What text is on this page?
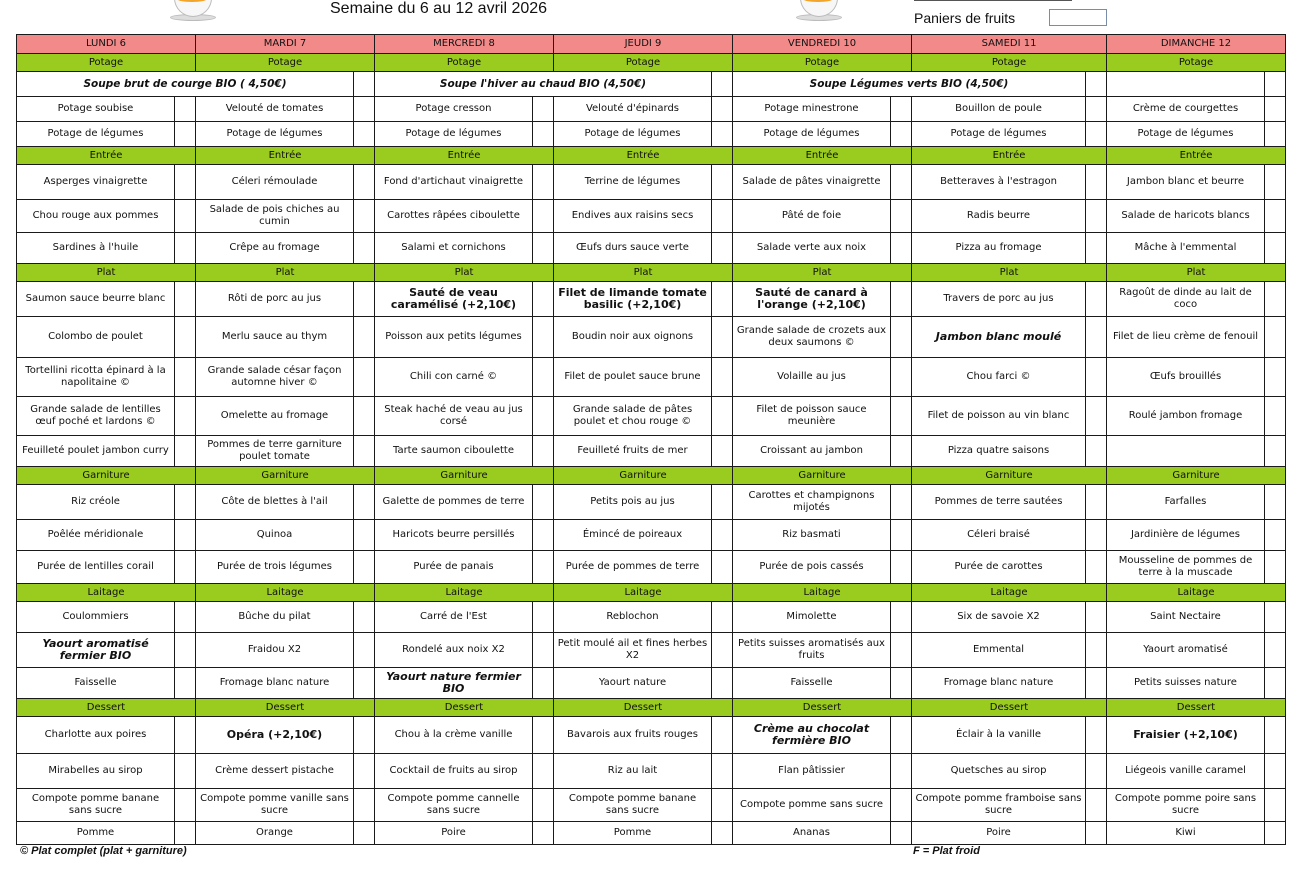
Semaine du 6 au 12 avril 2026
Paniers de fruits
LUNDI 6	MARDI 7	MERCREDI 8	JEUDI 9	VENDREDI 10	SAMEDI 11	DIMANCHE 12
Potage	Potage	Potage	Potage	Potage	Potage	Potage

Soupe brut de courge BIO ( 4,50€)		Soupe l'hiver au chaud BIO (4,50€)		Soupe Légumes verts BIO (4,50€)		

Potage soubise	Velouté de tomates	Potage cresson	Velouté d'épinards	Potage minestrone	Bouillon de poule	Crème de courgettes

Potage de légumes	Potage de légumes	Potage de légumes	Potage de légumes	Potage de légumes	Potage de légumes	Potage de légumes

Entrée	Entrée	Entrée	Entrée	Entrée	Entrée	Entrée

Asperges vinaigrette	Céleri rémoulade	Fond d'artichaut vinaigrette	Terrine de légumes	Salade de pâtes vinaigrette	Betteraves à l'estragon	Jambon blanc et beurre

Chou rouge aux pommes	Salade de pois chiches au cumin	Carottes râpées ciboulette	Endives aux raisins secs	Pâté de foie	Radis beurre	Salade de haricots blancs

Sardines à l'huile	Crêpe au fromage	Salami et cornichons	Œufs durs sauce verte	Salade verte aux noix	Pizza au fromage	Mâche à l'emmental

Plat	Plat	Plat	Plat	Plat	Plat	Plat

Saumon sauce beurre blanc	Rôti de porc au jus	Sauté de veau caramélisé (+2,10€)	Filet de limande tomate basilic (+2,10€)	Sauté de canard à l'orange (+2,10€)	Travers de porc au jus	Ragoût de dinde au lait de coco

Colombo de poulet	Merlu sauce au thym	Poisson aux petits légumes	Boudin noir aux oignons	Grande salade de crozets aux deux saumons ©	Jambon blanc moulé	Filet de lieu crème de fenouil

Tortellini ricotta épinard à la napolitaine ©	Grande salade césar façon automne hiver ©	Chili con carné ©	Filet de poulet sauce brune	Volaille au jus	Chou farci ©	Œufs brouillés

Grande salade de lentilles œuf poché et lardons ©	Omelette au fromage	Steak haché de veau au jus corsé	Grande salade de pâtes poulet et chou rouge ©	Filet de poisson sauce meunière	Filet de poisson au vin blanc	Roulé jambon fromage

Feuilleté poulet jambon curry	Pommes de terre garniture poulet tomate	Tarte saumon ciboulette	Feuilleté fruits de mer	Croissant au jambon	Pizza quatre saisons	

Garniture	Garniture	Garniture	Garniture	Garniture	Garniture	Garniture

Riz créole	Côte de blettes à l'ail	Galette de pommes de terre	Petits pois au jus	Carottes et champignons mijotés	Pommes de terre sautées	Farfalles

Poêlée méridionale	Quinoa	Haricots beurre persillés	Émincé de poireaux	Riz basmati	Céleri braisé	Jardinière de légumes

Purée de lentilles corail	Purée de trois légumes	Purée de panais	Purée de pommes de terre	Purée de pois cassés	Purée de carottes	Mousseline de pommes de terre à la muscade

Laitage	Laitage	Laitage	Laitage	Laitage	Laitage	Laitage

Coulommiers	Bûche du pilat	Carré de l'Est	Reblochon	Mimolette	Six de savoie X2	Saint Nectaire

Yaourt aromatisé fermier BIO	Fraidou X2	Rondelé aux noix X2	Petit moulé ail et fines herbes X2	Petits suisses aromatisés aux fruits	Emmental	Yaourt aromatisé

Faisselle	Fromage blanc nature	Yaourt nature fermier BIO	Yaourt nature	Faisselle	Fromage blanc nature	Petits suisses nature

Dessert	Dessert	Dessert	Dessert	Dessert	Dessert	Dessert

Charlotte aux poires	Opéra (+2,10€)	Chou à la crème vanille	Bavarois aux fruits rouges	Crème au chocolat fermière BIO	Éclair à la vanille	Fraisier (+2,10€)

Mirabelles au sirop	Crème dessert pistache	Cocktail de fruits au sirop	Riz au lait	Flan pâtissier	Quetsches au sirop	Liégeois vanille caramel

Compote pomme banane sans sucre	Compote pomme vanille sans sucre	Compote pomme cannelle sans sucre	Compote pomme banane sans sucre	Compote pomme sans sucre	Compote pomme framboise sans sucre	Compote pomme poire sans sucre

Pomme	Orange	Poire	Pomme	Ananas	Poire	Kiwi
© Plat complet (plat + garniture)	F = Plat froid
